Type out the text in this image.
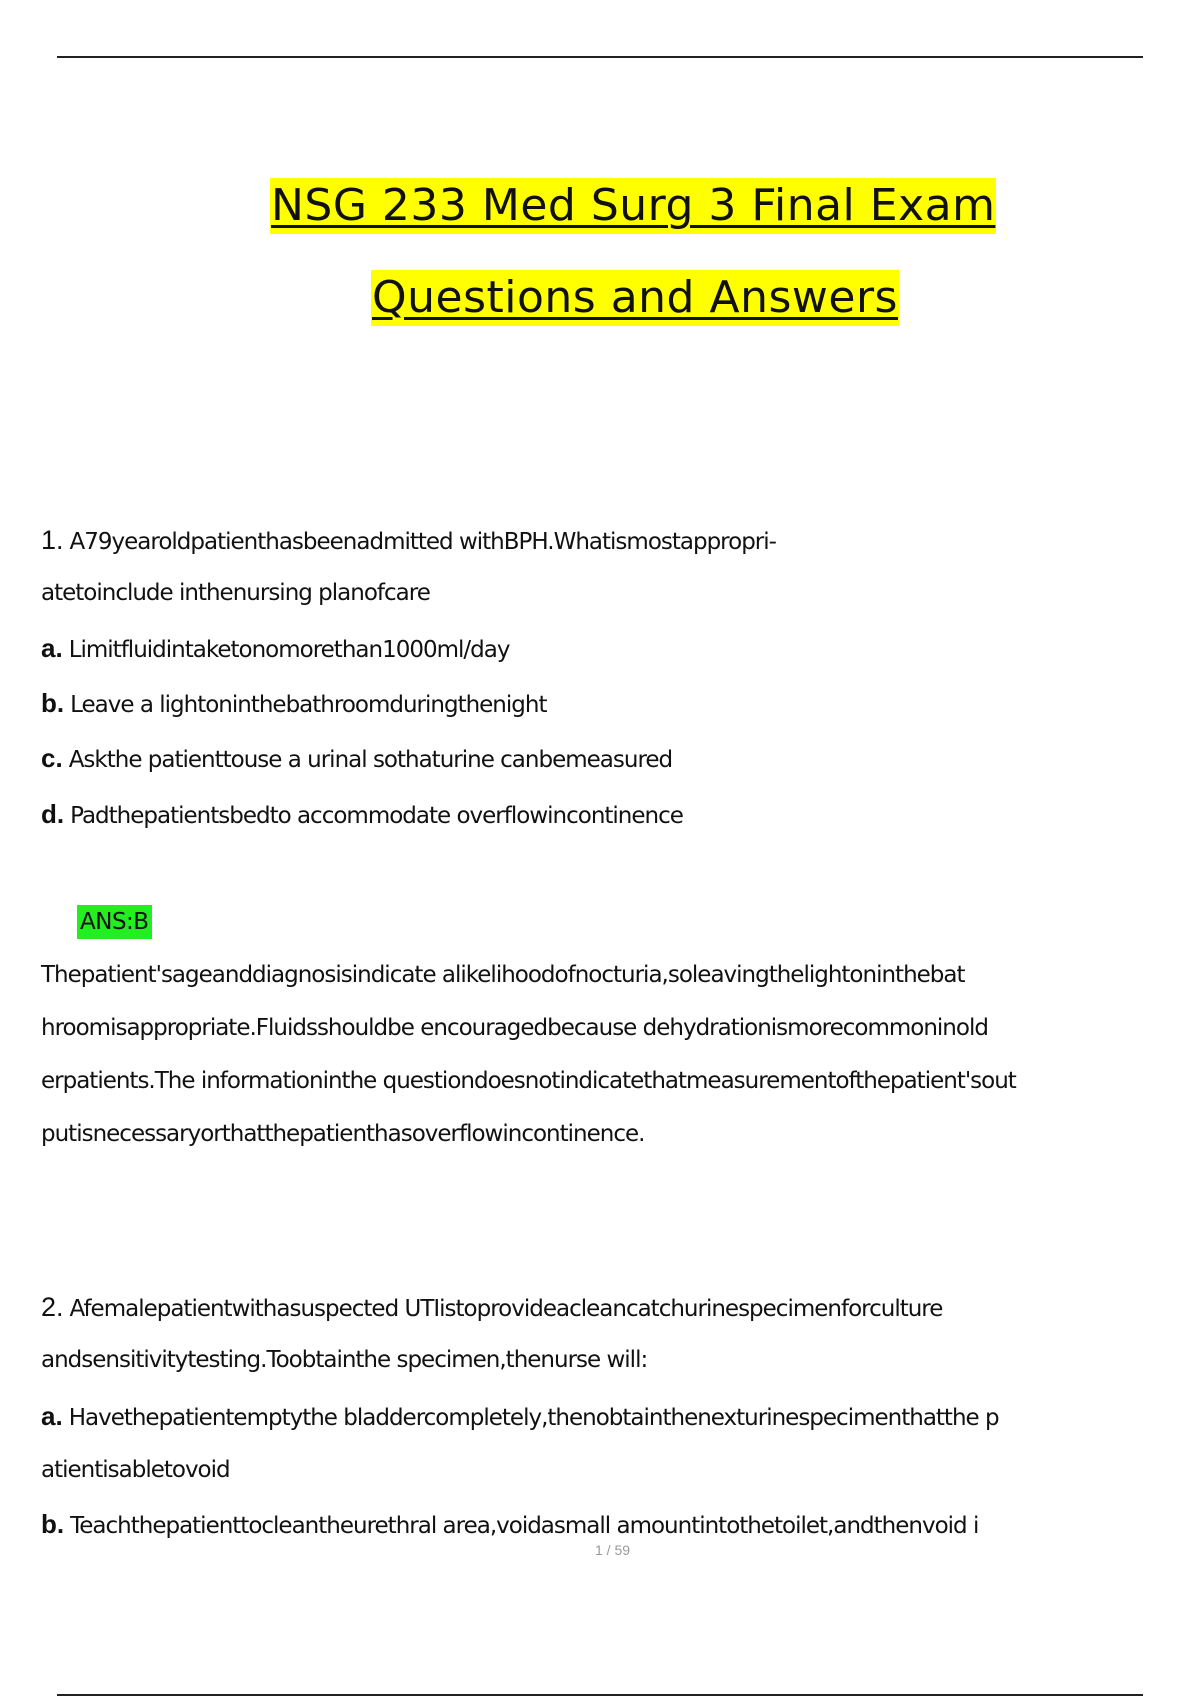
NSG 233 Med Surg 3 Final Exam
Questions and Answers
1. A79yearoldpatienthasbeenadmitted withBPH.Whatismostappropri-
atetoinclude inthenursing planofcare
a. Limitfluidintaketonomorethan1000ml/day
b. Leave a lightoninthebathroomduringthenight
c. Askthe patienttouse a urinal sothaturine canbemeasured
d. Padthepatientsbedto accommodate overflowincontinence
ANS:B
Thepatient'sageanddiagnosisindicate alikelihoodofnocturia,soleavingthelightoninthebat
hroomisappropriate.Fluidsshouldbe encouragedbecause dehydrationismorecommoninold
erpatients.The informationinthe questiondoesnotindicatethatmeasurementofthepatient'sout
putisnecessaryorthatthepatienthasoverflowincontinence.
2. Afemalepatientwithasuspected UTIistoprovideacleancatchurinespecimenforculture
andsensitivitytesting.Toobtainthe specimen,thenurse will:
a. Havethepatientemptythe bladdercompletely,thenobtainthenexturinespecimenthatthe p
atientisabletovoid
b. Teachthepatienttocleantheurethral area,voidasmall amountintothetoilet,andthenvoid i
1 / 59
